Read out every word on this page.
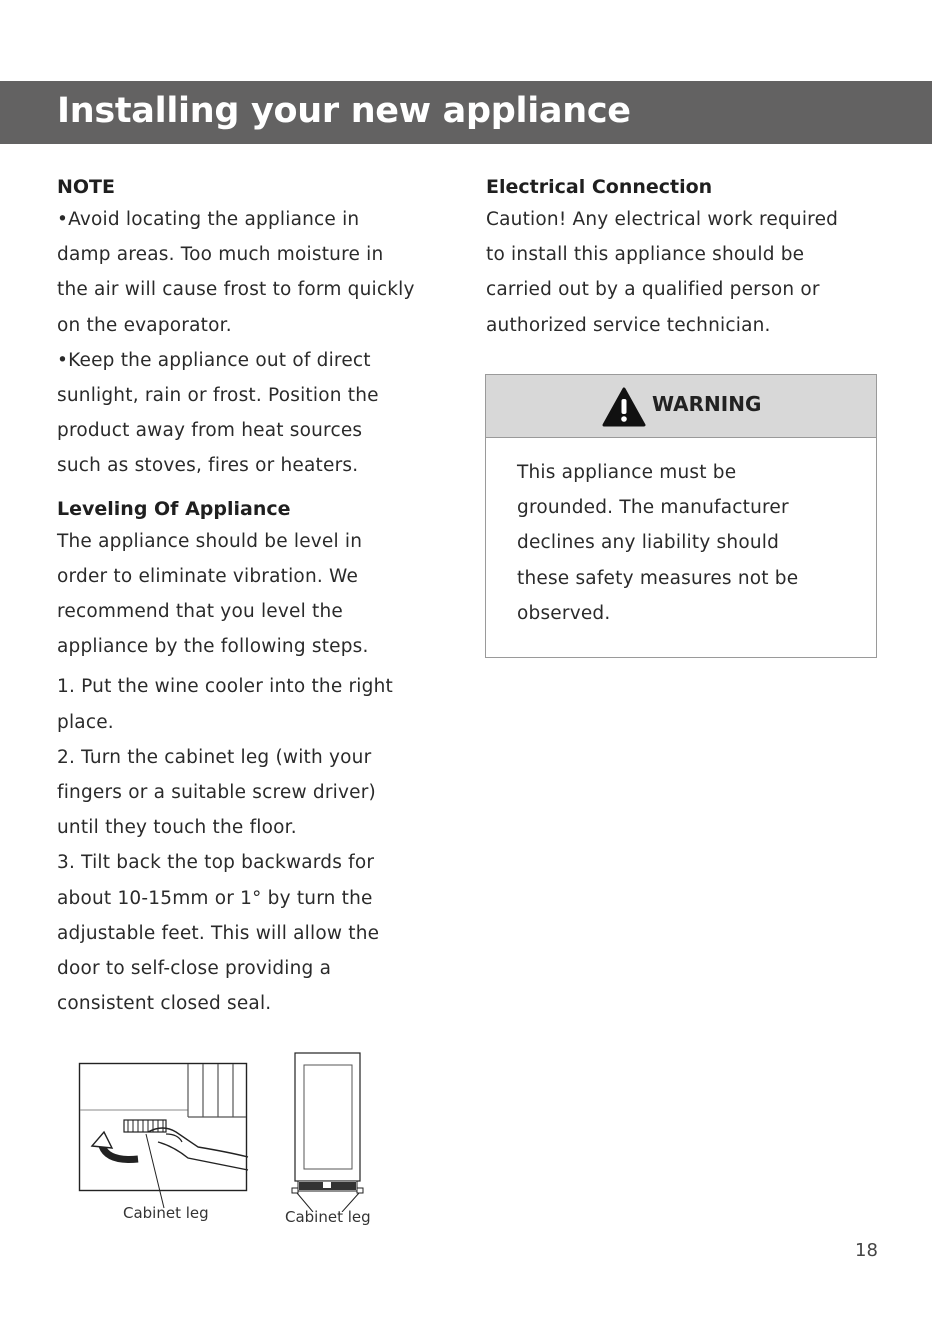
Installing your new appliance

NOTE

•Avoid locating the appliance in

damp areas. Too much moisture in

the air will cause frost to form quickly

on the evaporator.

•Keep the appliance out of direct

sunlight, rain or frost. Position the

product away from heat sources

such as stoves, fires or heaters.

Leveling Of Appliance

The appliance should be level in

order to eliminate vibration. We

recommend that you level the

appliance by the following steps.

1. Put the wine cooler into the right

place.

2. Turn the cabinet leg (with your

fingers or a suitable screw driver)

until they touch the floor.

3. Tilt back the top backwards for

about 10-15mm or 1° by turn the

adjustable feet. This will allow the

door to self-close providing a

consistent closed seal.

Electrical Connection

Caution! Any electrical work required

to install this appliance should be

carried out by a qualified person or

authorized service technician.

WARNING

This appliance must be

grounded. The manufacturer

declines any liability should

these safety measures not be

observed.

Cabinet leg	Cabinet leg
18
